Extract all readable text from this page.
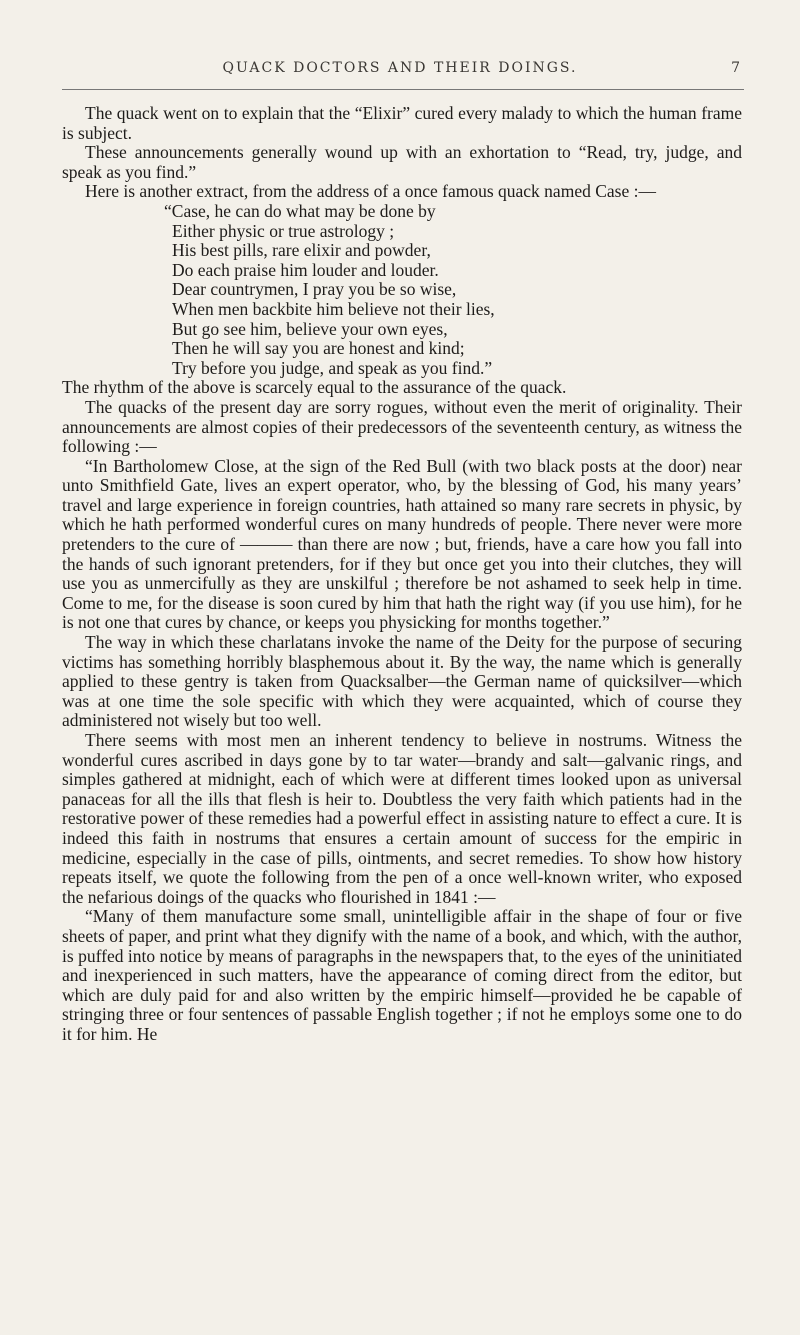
QUACK DOCTORS AND THEIR DOINGS.	7

The quack went on to explain that the “Elixir” cured every malady to which the human frame is subject.

These announcements generally wound up with an exhortation to “Read, try, judge, and speak as you find.”

Here is another extract, from the address of a once famous quack named Case :—

“Case, he can do what may be done by
Either physic or true astrology ;
His best pills, rare elixir and powder,
Do each praise him louder and louder.
Dear countrymen, I pray you be so wise,
When men backbite him believe not their lies,
But go see him, believe your own eyes,
Then he will say you are honest and kind;
Try before you judge, and speak as you find.”

The rhythm of the above is scarcely equal to the assurance of the quack.

The quacks of the present day are sorry rogues, without even the merit of originality. Their announcements are almost copies of their predecessors of the seventeenth century, as witness the following :—

“In Bartholomew Close, at the sign of the Red Bull (with two black posts at the door) near unto Smithfield Gate, lives an expert operator, who, by the blessing of God, his many years’ travel and large experience in foreign countries, hath attained so many rare secrets in physic, by which he hath performed wonderful cures on many hundreds of people. There never were more pretenders to the cure of ——— than there are now ; but, friends, have a care how you fall into the hands of such ignorant pretenders, for if they but once get you into their clutches, they will use you as unmercifully as they are unskilful ; therefore be not ashamed to seek help in time. Come to me, for the disease is soon cured by him that hath the right way (if you use him), for he is not one that cures by chance, or keeps you physicking for months together.”

The way in which these charlatans invoke the name of the Deity for the purpose of securing victims has something horribly blasphemous about it. By the way, the name which is generally applied to these gentry is taken from Quacksalber—the German name of quicksilver—which was at one time the sole specific with which they were acquainted, which of course they administered not wisely but too well.

There seems with most men an inherent tendency to believe in nostrums. Witness the wonderful cures ascribed in days gone by to tar water—brandy and salt—galvanic rings, and simples gathered at midnight, each of which were at different times looked upon as universal panaceas for all the ills that flesh is heir to. Doubtless the very faith which patients had in the restorative power of these remedies had a powerful effect in assisting nature to effect a cure. It is indeed this faith in nostrums that ensures a certain amount of success for the empiric in medicine, especially in the case of pills, ointments, and secret remedies. To show how history repeats itself, we quote the following from the pen of a once well-known writer, who exposed the nefarious doings of the quacks who flourished in 1841 :—

“Many of them manufacture some small, unintelligible affair in the shape of four or five sheets of paper, and print what they dignify with the name of a book, and which, with the author, is puffed into notice by means of paragraphs in the newspapers that, to the eyes of the uninitiated and inexperienced in such matters, have the appearance of coming direct from the editor, but which are duly paid for and also written by the empiric himself—provided he be capable of stringing three or four sentences of passable English together ; if not he employs some one to do it for him. He
